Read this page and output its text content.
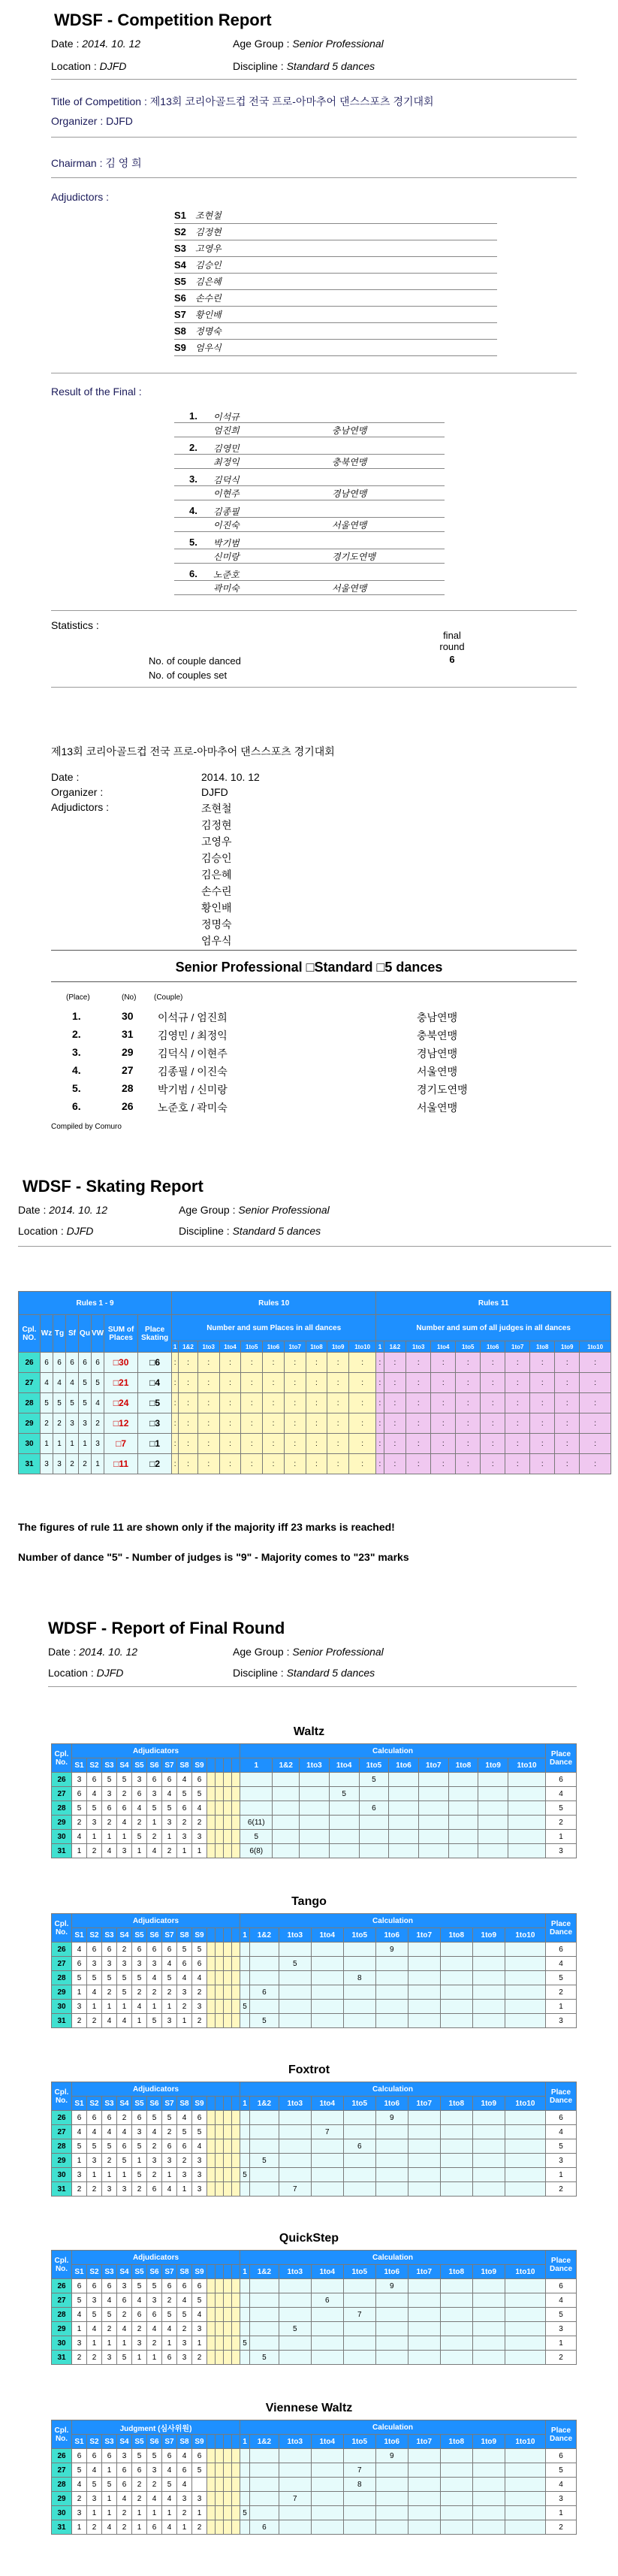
WDSF - Competition Report
Date : 2014. 10. 12	Age Group : Senior Professional
Location : DJFD	Discipline : Standard 5 dances
Title of Competition : 제13회 코리아골드컵 전국 프로-아마추어 댄스스포츠 경기대회
Organizer : DJFD
Chairman : 김 영 희
Adjudictors :
S1 조현철
S2 김정현
S3 고영우
S4 김승인
S5 김은혜
S6 손수린
S7 황인배
S8 정명숙
S9 엄우식
Result of the Final :
1. 이석규
엄진희	충남연맹
2. 김영민
최정익	충북연맹
3. 김덕식
이현주	경남연맹
4. 김종필
이진숙	서울연맹
5. 박기범
신미랑	경기도연맹
6. 노준호
곽미숙	서울연맹
Statistics :
final round
6
No. of couple danced
No. of couples set
제13회 코리아골드컵 전국 프로-아마추어 댄스스포츠 경기대회
Date :	2014. 10. 12
Organizer :	DJFD
Adjudictors :	조현철
김정현
고영우
김승인
김은혜
손수린
황인배
정명숙
엄우식
Senior Professional □Standard □5 dances
(Place)	(No) (Couple)
1.	30 이석규 / 엄진희	충남연맹
2.	31 김영민 / 최정익	충북연맹
3.	29 김덕식 / 이현주	경남연맹
4.	27 김종필 / 이진숙	서울연맹
5.	28 박기범 / 신미랑	경기도연맹
6.	26 노준호 / 곽미숙	서울연맹
Compiled by Comuro
WDSF - Skating Report
Date : 2014. 10. 12	Age Group : Senior Professional
Location : DJFD	Discipline : Standard 5 dances
Rules 1 - 9								Rules 10										Rules 11									
Cpl. NO.	Wz	Tg	Sf	Qu	VW	SUM of Places	Place Skating	Number and sum Places in all dances										Number and sum of all judges in all dances									
								1	1&2	1to3	1to4	1to5	1to6	1to7	1to8	1to9	1to10	1	1&2	1to3	1to4	1to5	1to6	1to7	1to8	1to9	1to10
26	6	6	6	6	6	□30	□6	:	:	:	:	:	:	:	:	:	:	:	:	:	:	:	:	:	:	:	:
27	4	4	4	5	5	□21	□4	:	:	:	:	:	:	:	:	:	:	:	:	:	:	:	:	:	:	:	:
28	5	5	5	5	4	□24	□5	:	:	:	:	:	:	:	:	:	:	:	:	:	:	:	:	:	:	:	:
29	2	2	3	3	2	□12	□3	:	:	:	:	:	:	:	:	:	:	:	:	:	:	:	:	:	:	:	:
30	1	1	1	1	3	□7	□1	:	:	:	:	:	:	:	:	:	:	:	:	:	:	:	:	:	:	:	:
31	3	3	2	2	1	□11	□2	:	:	:	:	:	:	:	:	:	:	:	:	:	:	:	:	:	:	:	:
The figures of rule 11 are shown only if the majority iff 23 marks is reached!
Number of dance "5" - Number of judges is "9" - Majority comes to "23" marks
WDSF - Report of Final Round
Date : 2014. 10. 12	Age Group : Senior Professional
Location : DJFD	Discipline : Standard 5 dances
Waltz
Cpl. No.	Adjudicators													Calculation										Place Dance
	S1	S2	S3	S4	S5	S6	S7	S8	S9					1	1&2	1to3	1to4	1to5	1to6	1to7	1to8	1to9	1to10	
26	3	6	5	5	3	6	6	4	6									5						6
27	6	4	3	2	6	3	4	5	5								5							4
28	5	5	6	6	4	5	5	6	4									6						5
29	2	3	2	4	2	1	3	2	2					6(11)										2
30	4	1	1	1	5	2	1	3	3					5										1
31	1	2	4	3	1	4	2	1	1					6(8)										3
Tango
Cpl. No.	Adjudicators													Calculation										Place Dance
	S1	S2	S3	S4	S5	S6	S7	S8	S9					1	1&2	1to3	1to4	1to5	1to6	1to7	1to8	1to9	1to10	
26	4	6	6	2	6	6	6	5	5										9					6
27	6	3	3	3	3	3	4	6	6							5								4
28	5	5	5	5	5	4	5	4	4									8						5
29	1	4	2	5	2	2	2	3	2						6									2
30	3	1	1	1	4	1	1	2	3					5										1
31	2	2	4	4	1	5	3	1	2						5									3
Foxtrot
Cpl. No.	Adjudicators													Calculation										Place Dance
	S1	S2	S3	S4	S5	S6	S7	S8	S9					1	1&2	1to3	1to4	1to5	1to6	1to7	1to8	1to9	1to10	
26	6	6	6	2	6	5	5	4	6										9					6
27	4	4	4	4	3	4	2	5	5								7							4
28	5	5	5	6	5	2	6	6	4									6						5
29	1	3	2	5	1	3	3	2	3						5									3
30	3	1	1	1	5	2	1	3	3					5										1
31	2	2	3	3	2	6	4	1	3							7								2
QuickStep
Cpl. No.	Adjudicators													Calculation										Place Dance
	S1	S2	S3	S4	S5	S6	S7	S8	S9					1	1&2	1to3	1to4	1to5	1to6	1to7	1to8	1to9	1to10	
26	6	6	6	3	5	5	6	6	6										9					6
27	5	3	4	6	4	3	2	4	5								6							4
28	4	5	5	2	6	6	5	5	4									7						5
29	1	4	2	4	2	4	4	2	3							5								3
30	3	1	1	1	3	2	1	3	1					5										1
31	2	2	3	5	1	1	6	3	2						5									2
Viennese Waltz
Cpl. No.	Judgment (심사위원)													Calculation										Place Dance
	S1	S2	S3	S4	S5	S6	S7	S8	S9					1	1&2	1to3	1to4	1to5	1to6	1to7	1to8	1to9	1to10	
26	6	6	6	3	5	5	6	4	6										9					6
27	5	4	1	6	6	3	4	6	5									7						5
28	4	5	5	6	2	2	5	4										8						4
29	2	3	1	4	2	4	4	3	3							7								3
30	3	1	1	2	1	1	1	2	1					5										1
31	1	2	4	2	1	6	4	1	2						6									2
